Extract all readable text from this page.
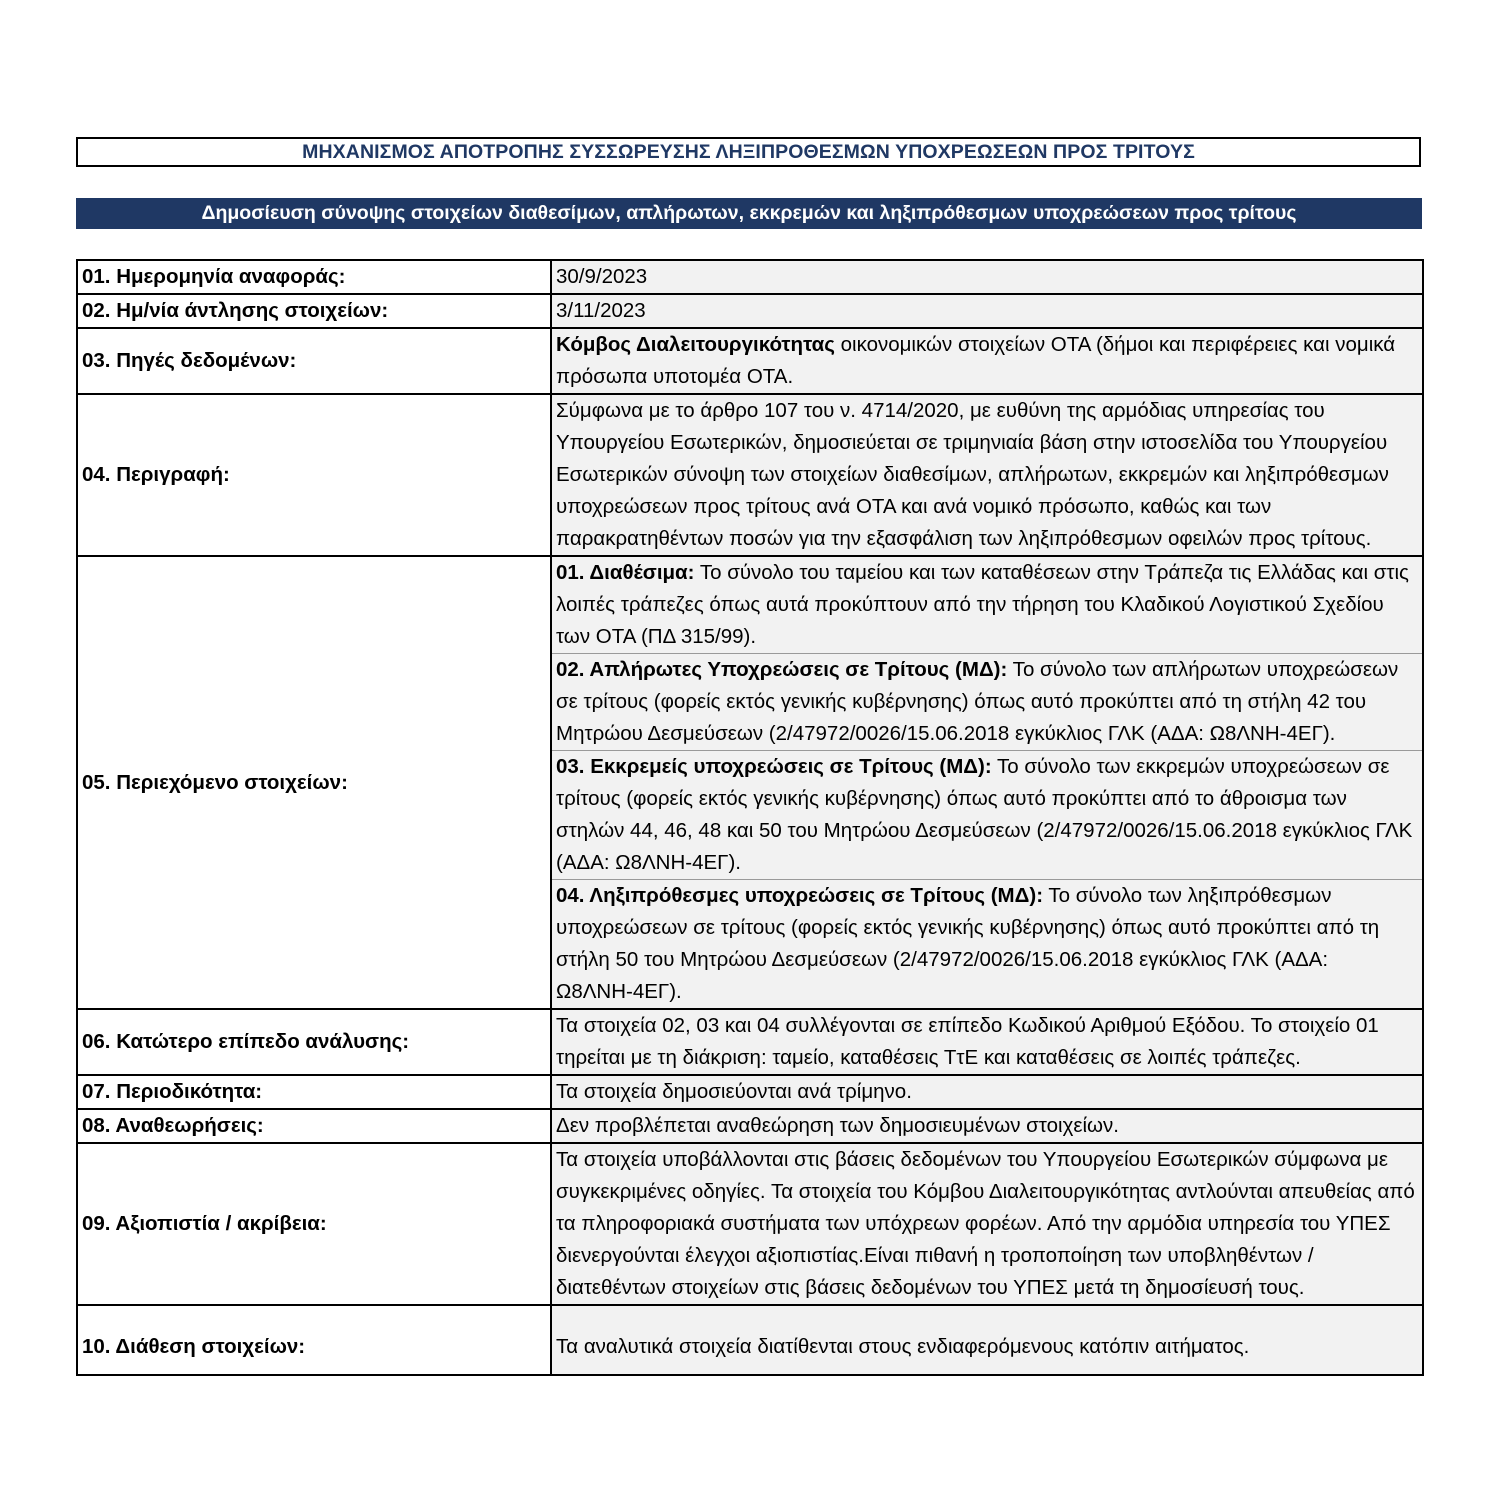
ΜΗΧΑΝΙΣΜΟΣ ΑΠΟΤΡΟΠΗΣ ΣΥΣΣΩΡΕΥΣΗΣ ΛΗΞΙΠΡΟΘΕΣΜΩΝ ΥΠΟΧΡΕΩΣΕΩΝ ΠΡΟΣ ΤΡΙΤΟΥΣ
Δημοσίευση σύνοψης στοιχείων διαθεσίμων, απλήρωτων, εκκρεμών και ληξιπρόθεσμων υποχρεώσεων προς τρίτους
01. Ημερομηνία αναφοράς:	30/9/2023
02. Ημ/νία άντλησης στοιχείων:	3/11/2023
03. Πηγές δεδομένων:	Κόμβος Διαλειτουργικότητας οικονομικών στοιχείων ΟΤΑ (δήμοι και περιφέρειες και νομικά πρόσωπα υποτομέα ΟΤΑ.
04. Περιγραφή:	Σύμφωνα με το άρθρο 107 του ν. 4714/2020, με ευθύνη της αρμόδιας υπηρεσίας του Υπουργείου Εσωτερικών, δημοσιεύεται σε τριμηνιαία βάση στην ιστοσελίδα του Υπουργείου Εσωτερικών σύνοψη των στοιχείων διαθεσίμων, απλήρωτων, εκκρεμών και ληξιπρόθεσμων υποχρεώσεων προς τρίτους ανά ΟΤΑ και ανά νομικό πρόσωπο, καθώς και των παρακρατηθέντων ποσών για την εξασφάλιση των ληξιπρόθεσμων οφειλών προς τρίτους.
05. Περιεχόμενο στοιχείων:	01. Διαθέσιμα: Το σύνολο του ταμείου και των καταθέσεων στην Τράπεζα τις Ελλάδας και στις λοιπές τράπεζες όπως αυτά προκύπτουν από την τήρηση του Κλαδικού Λογιστικού Σχεδίου των ΟΤΑ (ΠΔ 315/99).
02. Απλήρωτες Υποχρεώσεις σε Τρίτους (ΜΔ): Το σύνολο των απλήρωτων υποχρεώσεων σε τρίτους (φορείς εκτός γενικής κυβέρνησης) όπως αυτό προκύπτει από τη στήλη 42 του Μητρώου Δεσμεύσεων (2/47972/0026/15.06.2018 εγκύκλιος ΓΛΚ (ΑΔΑ: Ω8ΛΝΗ-4ΕΓ).
03. Εκκρεμείς υποχρεώσεις σε Τρίτους (ΜΔ): Το σύνολο των εκκρεμών υποχρεώσεων σε τρίτους (φορείς εκτός γενικής κυβέρνησης) όπως αυτό προκύπτει από το άθροισμα των στηλών 44, 46, 48 και 50 του Μητρώου Δεσμεύσεων (2/47972/0026/15.06.2018 εγκύκλιος ΓΛΚ (ΑΔΑ: Ω8ΛΝΗ-4ΕΓ).
04. Ληξιπρόθεσμες υποχρεώσεις σε Τρίτους (ΜΔ): Το σύνολο των ληξιπρόθεσμων υποχρεώσεων σε τρίτους (φορείς εκτός γενικής κυβέρνησης) όπως αυτό προκύπτει από τη στήλη 50 του Μητρώου Δεσμεύσεων (2/47972/0026/15.06.2018 εγκύκλιος ΓΛΚ (ΑΔΑ: Ω8ΛΝΗ-4ΕΓ).

06. Κατώτερο επίπεδο ανάλυσης:	Τα στοιχεία 02, 03 και 04 συλλέγονται σε επίπεδο Κωδικού Αριθμού Εξόδου. Το στοιχείο 01 τηρείται με τη διάκριση: ταμείο, καταθέσεις ΤτΕ και καταθέσεις σε λοιπές τράπεζες.
07. Περιοδικότητα:	Τα στοιχεία δημοσιεύονται ανά τρίμηνο.
08. Αναθεωρήσεις:	Δεν προβλέπεται αναθεώρηση των δημοσιευμένων στοιχείων.
09. Αξιοπιστία / ακρίβεια:	Τα στοιχεία υποβάλλονται στις βάσεις δεδομένων του Υπουργείου Εσωτερικών σύμφωνα με συγκεκριμένες οδηγίες. Τα στοιχεία του Κόμβου Διαλειτουργικότητας αντλούνται απευθείας από τα πληροφοριακά συστήματα των υπόχρεων φορέων. Από την αρμόδια υπηρεσία του ΥΠΕΣ διενεργούνται έλεγχοι αξιοπιστίας.Είναι πιθανή η τροποποίηση των υποβληθέντων / διατεθέντων στοιχείων στις βάσεις δεδομένων του ΥΠΕΣ μετά τη δημοσίευσή τους.
10. Διάθεση στοιχείων:	Τα αναλυτικά στοιχεία διατίθενται στους ενδιαφερόμενους κατόπιν αιτήματος.
